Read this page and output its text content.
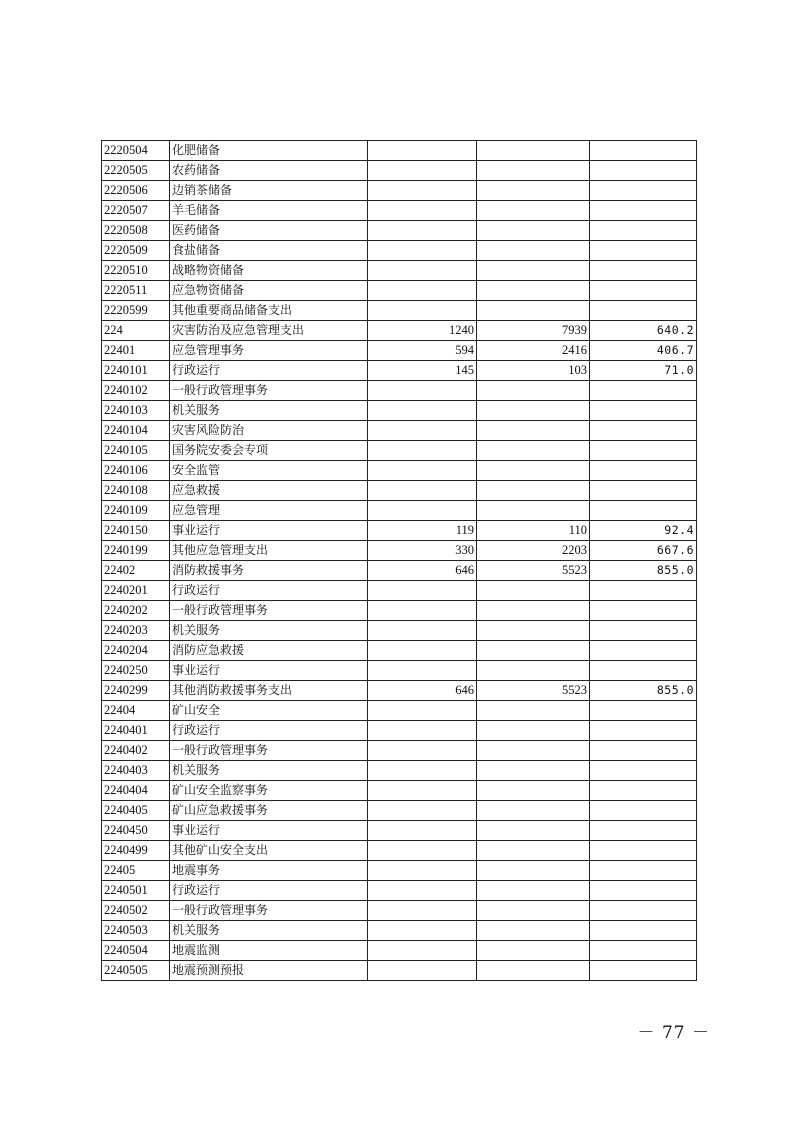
2220504	化肥储备			
2220505	农药储备			
2220506	边销茶储备			
2220507	羊毛储备			
2220508	医药储备			
2220509	食盐储备			
2220510	战略物资储备			
2220511	应急物资储备			
2220599	其他重要商品储备支出			
224	灾害防治及应急管理支出	1240	7939	640.2
22401	应急管理事务	594	2416	406.7
2240101	行政运行	145	103	71.0
2240102	一般行政管理事务			
2240103	机关服务			
2240104	灾害风险防治			
2240105	国务院安委会专项			
2240106	安全监管			
2240108	应急救援			
2240109	应急管理			
2240150	事业运行	119	110	92.4
2240199	其他应急管理支出	330	2203	667.6
22402	消防救援事务	646	5523	855.0
2240201	行政运行			
2240202	一般行政管理事务			
2240203	机关服务			
2240204	消防应急救援			
2240250	事业运行			
2240299	其他消防救援事务支出	646	5523	855.0
22404	矿山安全			
2240401	行政运行			
2240402	一般行政管理事务			
2240403	机关服务			
2240404	矿山安全监察事务			
2240405	矿山应急救援事务			
2240450	事业运行			
2240499	其他矿山安全支出			
22405	地震事务			
2240501	行政运行			
2240502	一般行政管理事务			
2240503	机关服务			
2240504	地震监测			
2240505	地震预测预报			
－ 77 －
